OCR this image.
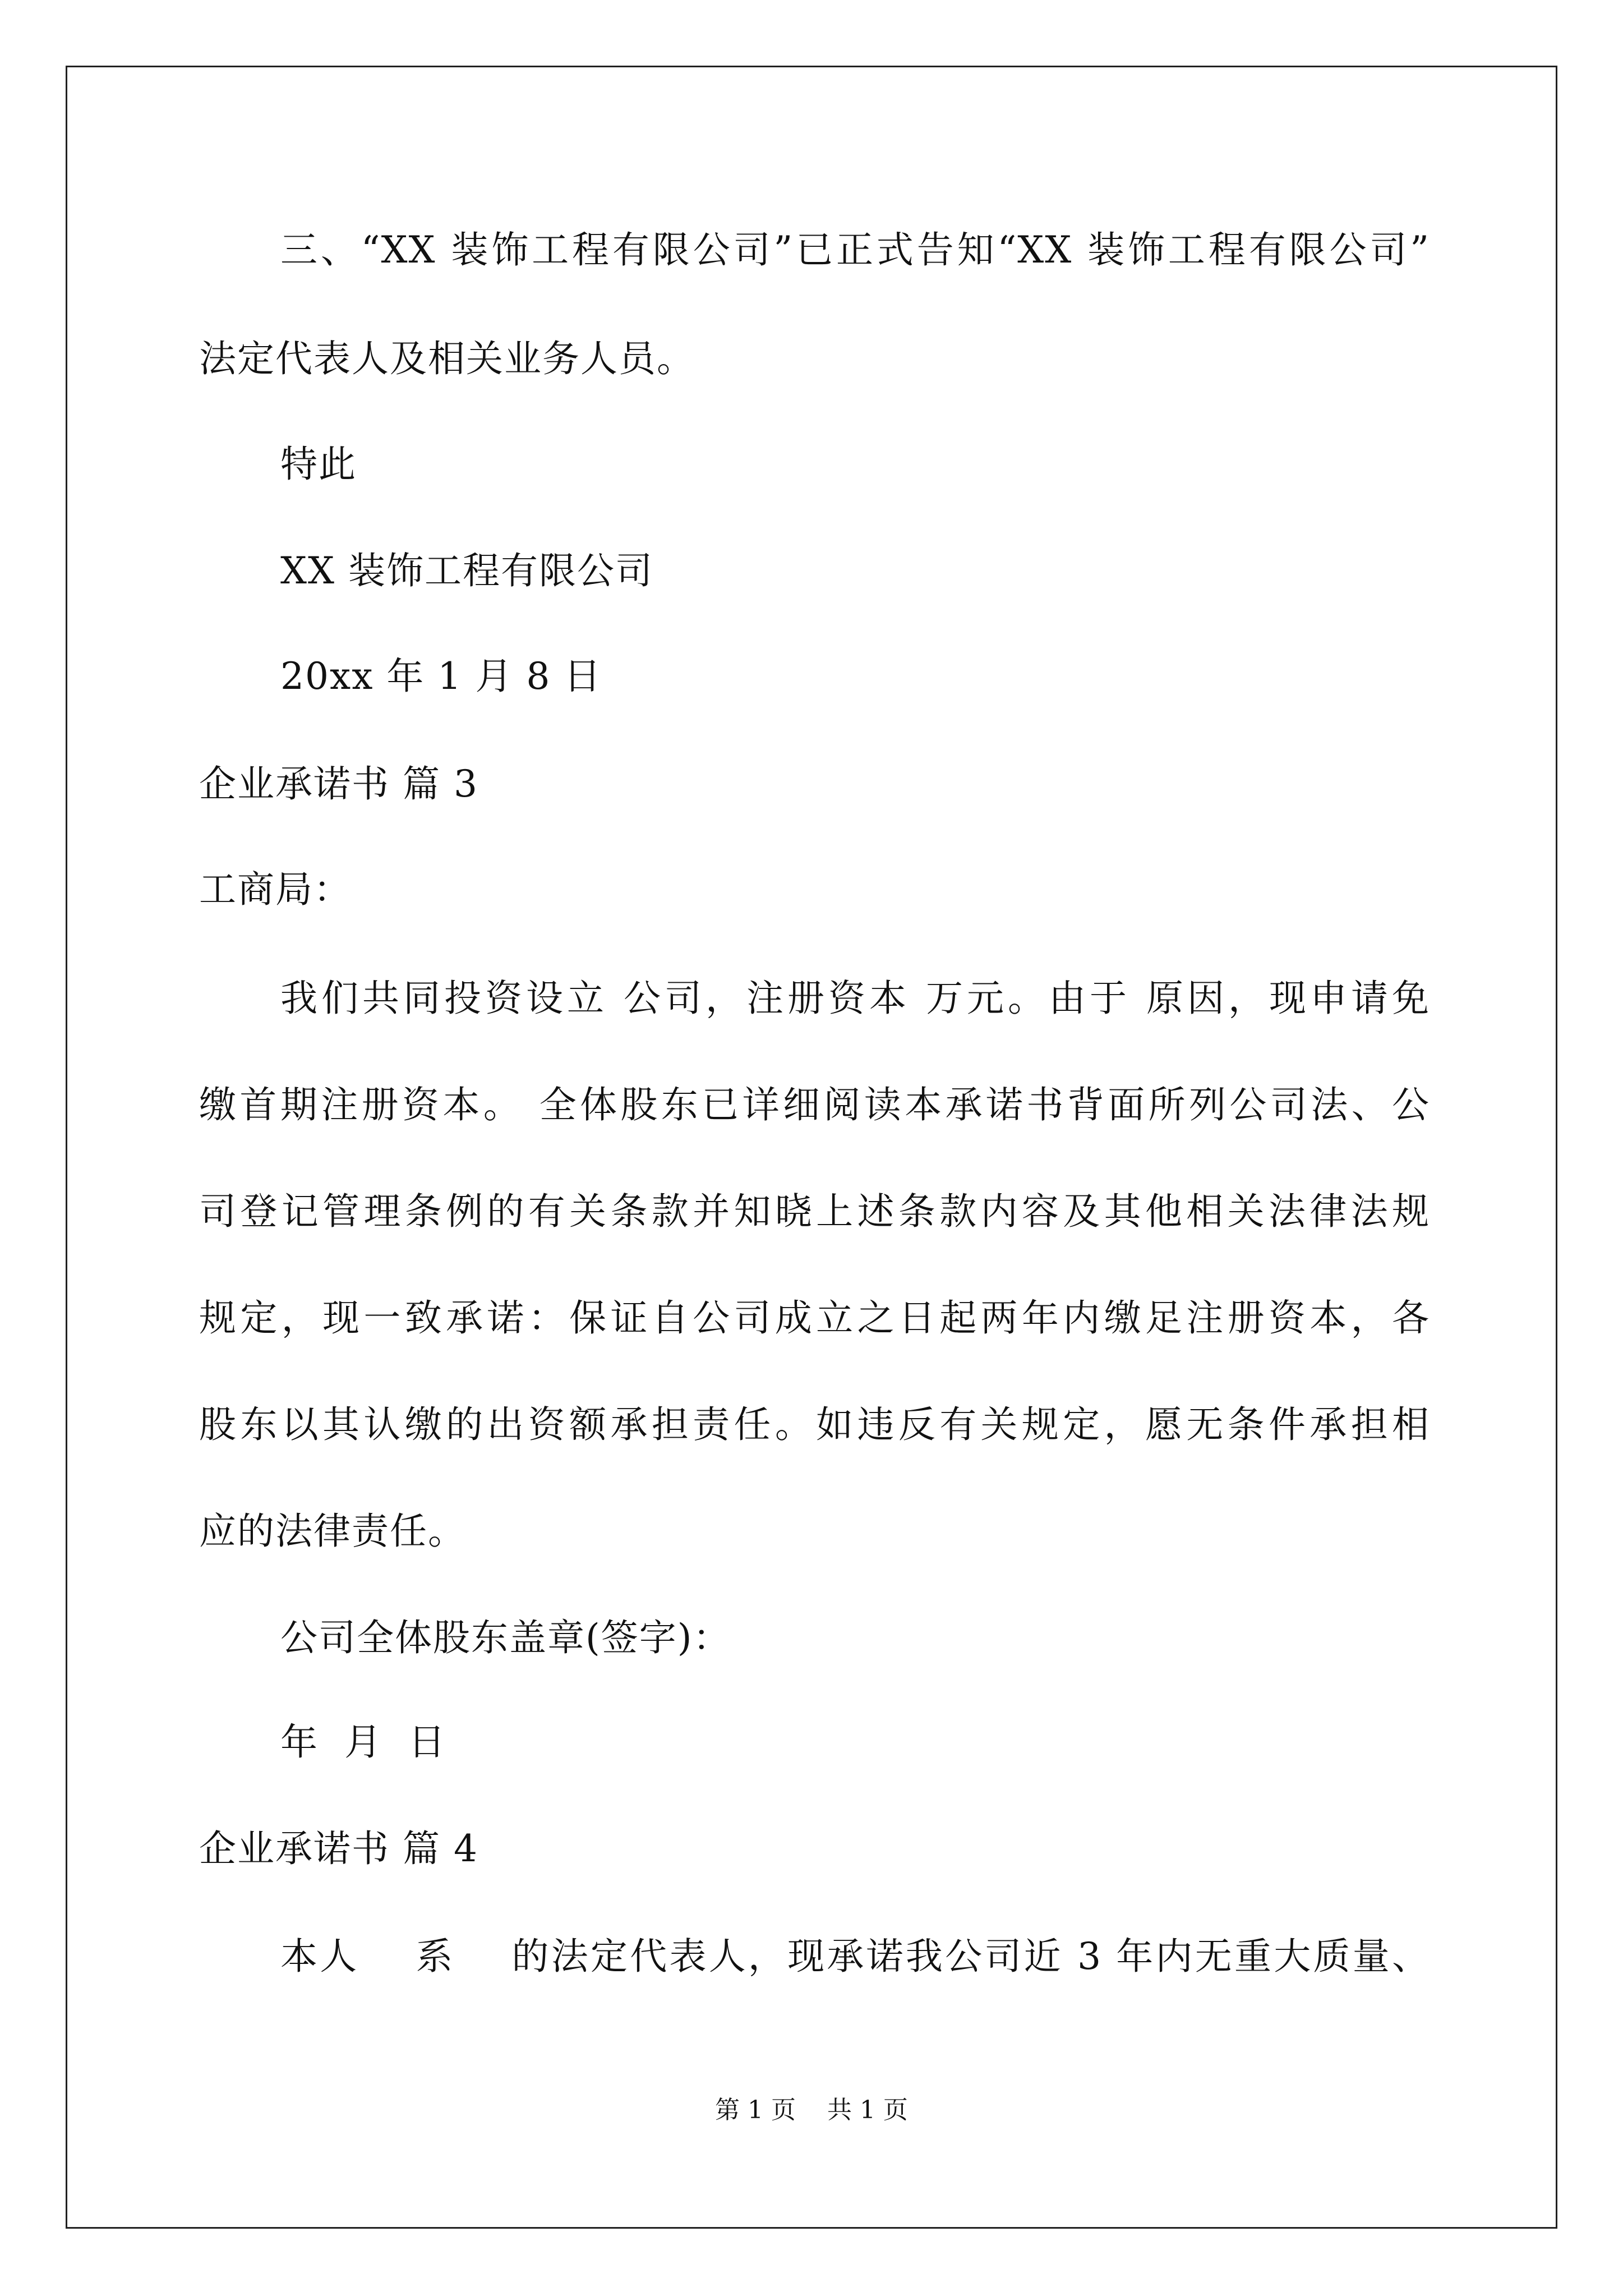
三、“XX 装饰工程有限公司”已正式告知“XX 装饰工程有限公司”
法定代表人及相关业务人员。
特此
XX 装饰工程有限公司
20xx 年 1 月 8 日
企业承诺书 篇 3
工商局：
我们共同投资设立 公司，注册资本 万元。由于 原因，现申请免
缴首期注册资本。 全体股东已详细阅读本承诺书背面所列公司法、公
司登记管理条例的有关条款并知晓上述条款内容及其他相关法律法规
规定，现一致承诺：保证自公司成立之日起两年内缴足注册资本，各
股东以其认缴的出资额承担责任。如违反有关规定，愿无条件承担相
应的法律责任。
公司全体股东盖章(签字)：
年  月  日
企业承诺书 篇 4
本人    系    的法定代表人，现承诺我公司近 3 年内无重大质量、
第 1 页    共 1 页
